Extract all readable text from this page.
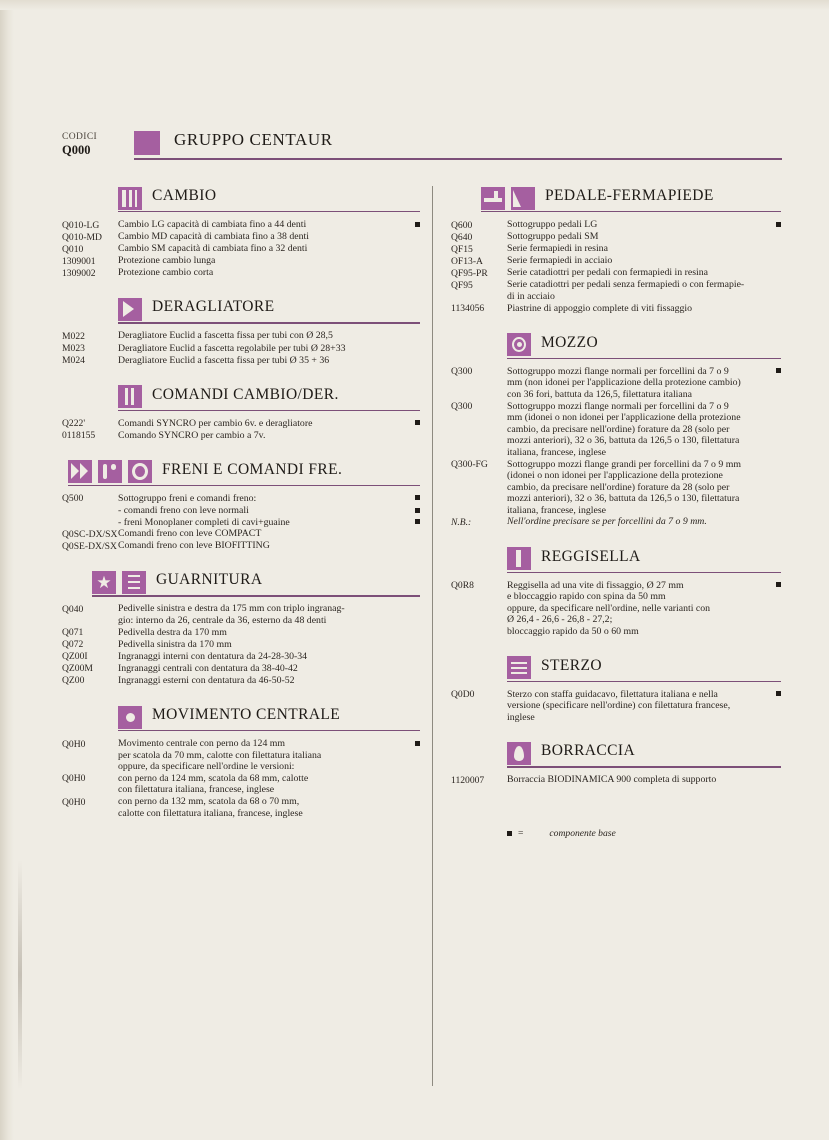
CODICI
Q000
GRUPPO CENTAUR
CAMBIO
Q010-LG	Cambio LG capacità di cambiata fino a 44 denti
Q010-MD	Cambio MD capacità di cambiata fino a 38 denti
Q010	Cambio SM capacità di cambiata fino a 32 denti
1309001	Protezione cambio lunga
1309002	Protezione cambio corta
DERAGLIATORE
M022	Deragliatore Euclid a fascetta fissa per tubi con Ø 28,5
M023	Deragliatore Euclid a fascetta regolabile per tubi Ø 28+33
M024	Deragliatore Euclid a fascetta fissa per tubi Ø 35 + 36
COMANDI CAMBIO/DER.
Q222'	Comandi SYNCRO per cambio 6v. e deragliatore
0118155	Comando SYNCRO per cambio a 7v.
FRENI E COMANDI FRE.
Q500	Sottogruppo freni e comandi freno:
- comandi freno con leve normali
- freni Monoplaner completi di cavi+guaine
Q0SC-DX/SX Comandi freno con leve COMPACT
Q0SE-DX/SX Comandi freno con leve BIOFITTING
★	GUARNITURA
Q040	Pedivelle sinistra e destra da 175 mm con triplo ingranag-
gio: interno da 26, centrale da 36, esterno da 48 denti
Q071	Pedivella destra da 170 mm
Q072	Pedivella sinistra da 170 mm
QZ00I	Ingranaggi interni con dentatura da 24-28-30-34
QZ00M	Ingranaggi centrali con dentatura da 38-40-42
QZ00	Ingranaggi esterni con dentatura da 46-50-52
MOVIMENTO CENTRALE
Q0H0	Movimento centrale con perno da 124 mm
per scatola da 70 mm, calotte con filettatura italiana
oppure, da specificare nell'ordine le versioni:
Q0H0	con perno da 124 mm, scatola da 68 mm, calotte
con filettatura italiana, francese, inglese
Q0H0	con perno da 132 mm, scatola da 68 o 70 mm,
calotte con filettatura italiana, francese, inglese
PEDALE-FERMAPIEDE
Q600	Sottogruppo pedali LG
Q640	Sottogruppo pedali SM
QF15	Serie fermapiedi in resina
OF13-A	Serie fermapiedi in acciaio
QF95-PR	Serie catadiottri per pedali con fermapiedi in resina
QF95	Serie catadiottri per pedali senza fermapiedi o con fermapie-
di in acciaio
1134056	Piastrine di appoggio complete di viti fissaggio
MOZZO
Q300	Sottogruppo mozzi flange normali per forcellini da 7 o 9
mm (non idonei per l'applicazione della protezione cambio)
con 36 fori, battuta da 126,5, filettatura italiana
Q300	Sottogruppo mozzi flange normali per forcellini da 7 o 9
mm (idonei o non idonei per l'applicazione della protezione
cambio, da precisare nell'ordine) forature da 28 (solo per
mozzi anteriori), 32 o 36, battuta da 126,5 o 130, filettatura
italiana, francese, inglese
Q300-FG	Sottogruppo mozzi flange grandi per forcellini da 7 o 9 mm
(idonei o non idonei per l'applicazione della protezione
cambio, da precisare nell'ordine) forature da 28 (solo per
mozzi anteriori), 32 o 36, battuta da 126,5 o 130, filettatura
italiana, francese, inglese
N.B.:	Nell'ordine precisare se per forcellini da 7 o 9 mm.
REGGISELLA
Q0R8	Reggisella ad una vite di fissaggio, Ø 27 mm
e bloccaggio rapido con spina da 50 mm
oppure, da specificare nell'ordine, nelle varianti con
Ø 26,4 - 26,6 - 26,8 - 27,2;
bloccaggio rapido da 50 o 60 mm
STERZO
Q0D0	Sterzo con staffa guidacavo, filettatura italiana e nella
versione (specificare nell'ordine) con filettatura francese,
inglese
BORRACCIA
1120007	Borraccia BIODINAMICA 900 completa di supporto
=	componente base
